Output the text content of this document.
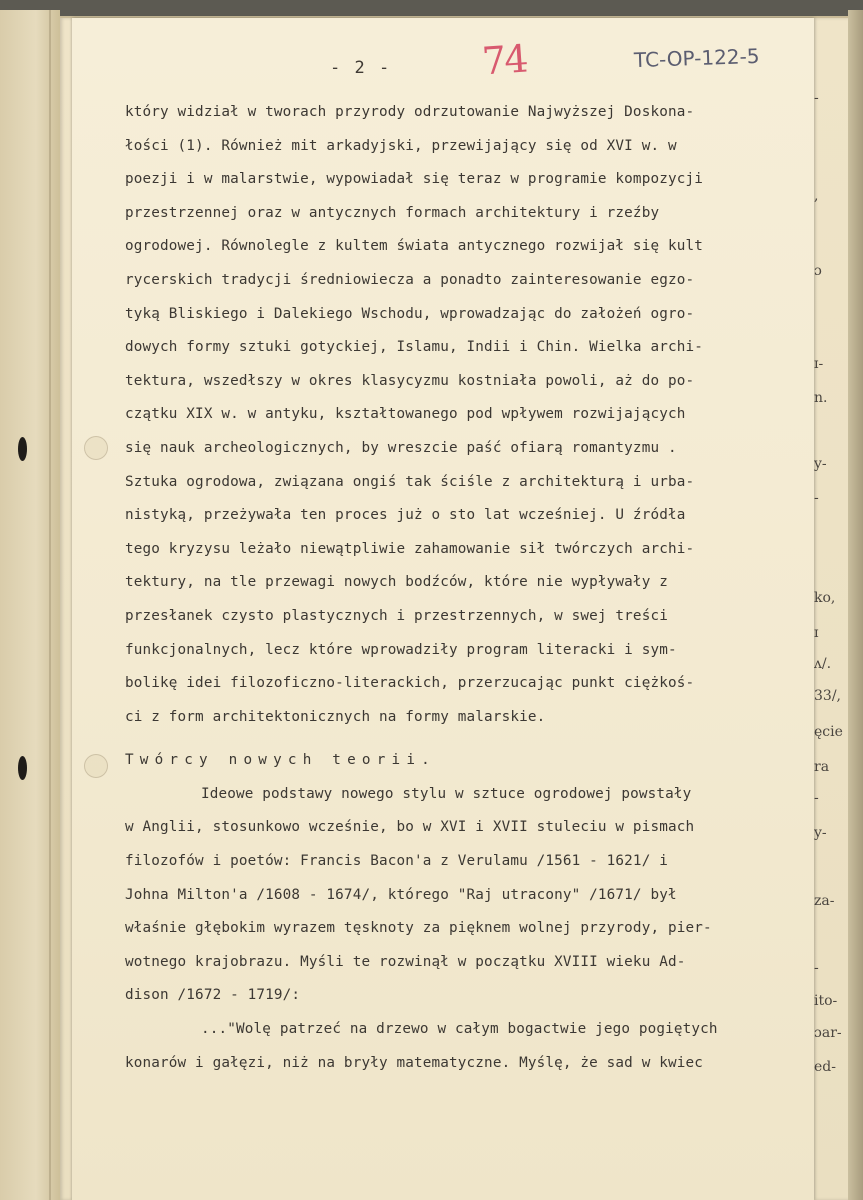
-
,
ɔ
ɪ-
n.
y-
-
ko,
ɪ
ᴧ/.
33/,
ęcie
ra
-
y-
za-
-
ito-
ɔar-
ed-
- 2 - 74	TC-OP-122-5
który widział w tworach przyrody odrzutowanie Najwyższej Doskona-
łości (1). Również mit arkadyjski, przewijający się od XVI w. w
poezji i w malarstwie, wypowiadał się teraz w programie kompozycji
przestrzennej oraz w antycznych formach architektury i rzeźby
ogrodowej. Równolegle z kultem świata antycznego rozwijał się kult
rycerskich tradycji średniowiecza a ponadto zainteresowanie egzo-
tyką Bliskiego i Dalekiego Wschodu, wprowadzając do założeń ogro-
dowych formy sztuki gotyckiej, Islamu, Indii i Chin. Wielka archi-
tektura, wszedłszy w okres klasycyzmu kostniała powoli, aż do po-
czątku XIX w. w antyku, kształtowanego pod wpływem rozwijających
się nauk archeologicznych, by wreszcie paść ofiarą romantyzmu .
Sztuka ogrodowa, związana ongiś tak ściśle z architekturą i urba-
nistyką, przeżywała ten proces już o sto lat wcześniej. U źródła
tego kryzysu leżało niewątpliwie zahamowanie sił twórczych archi-
tektury, na tle przewagi nowych bodźców, które nie wypływały z
przesłanek czysto plastycznych i przestrzennych, w swej treści
funkcjonalnych, lecz które wprowadziły program literacki i sym-
bolikę idei filozoficzno-literackich, przerzucając punkt ciężkoś-
ci z form architektonicznych na formy malarskie.
Twórcy nowych teorii.
Ideowe podstawy nowego stylu w sztuce ogrodowej powstały
w Anglii, stosunkowo wcześnie, bo w XVI i XVII stuleciu w pismach
filozofów i poetów: Francis Bacon'a z Verulamu /1561 - 1621/ i
Johna Milton'a /1608 - 1674/, którego "Raj utracony" /1671/ był
właśnie głębokim wyrazem tęsknoty za pięknem wolnej przyrody, pier-
wotnego krajobrazu. Myśli te rozwinął w początku XVIII wieku Ad-
dison /1672 - 1719/:
..."Wolę patrzeć na drzewo w całym bogactwie jego pogiętych
konarów i gałęzi, niż na bryły matematyczne. Myślę, że sad w kwiec
